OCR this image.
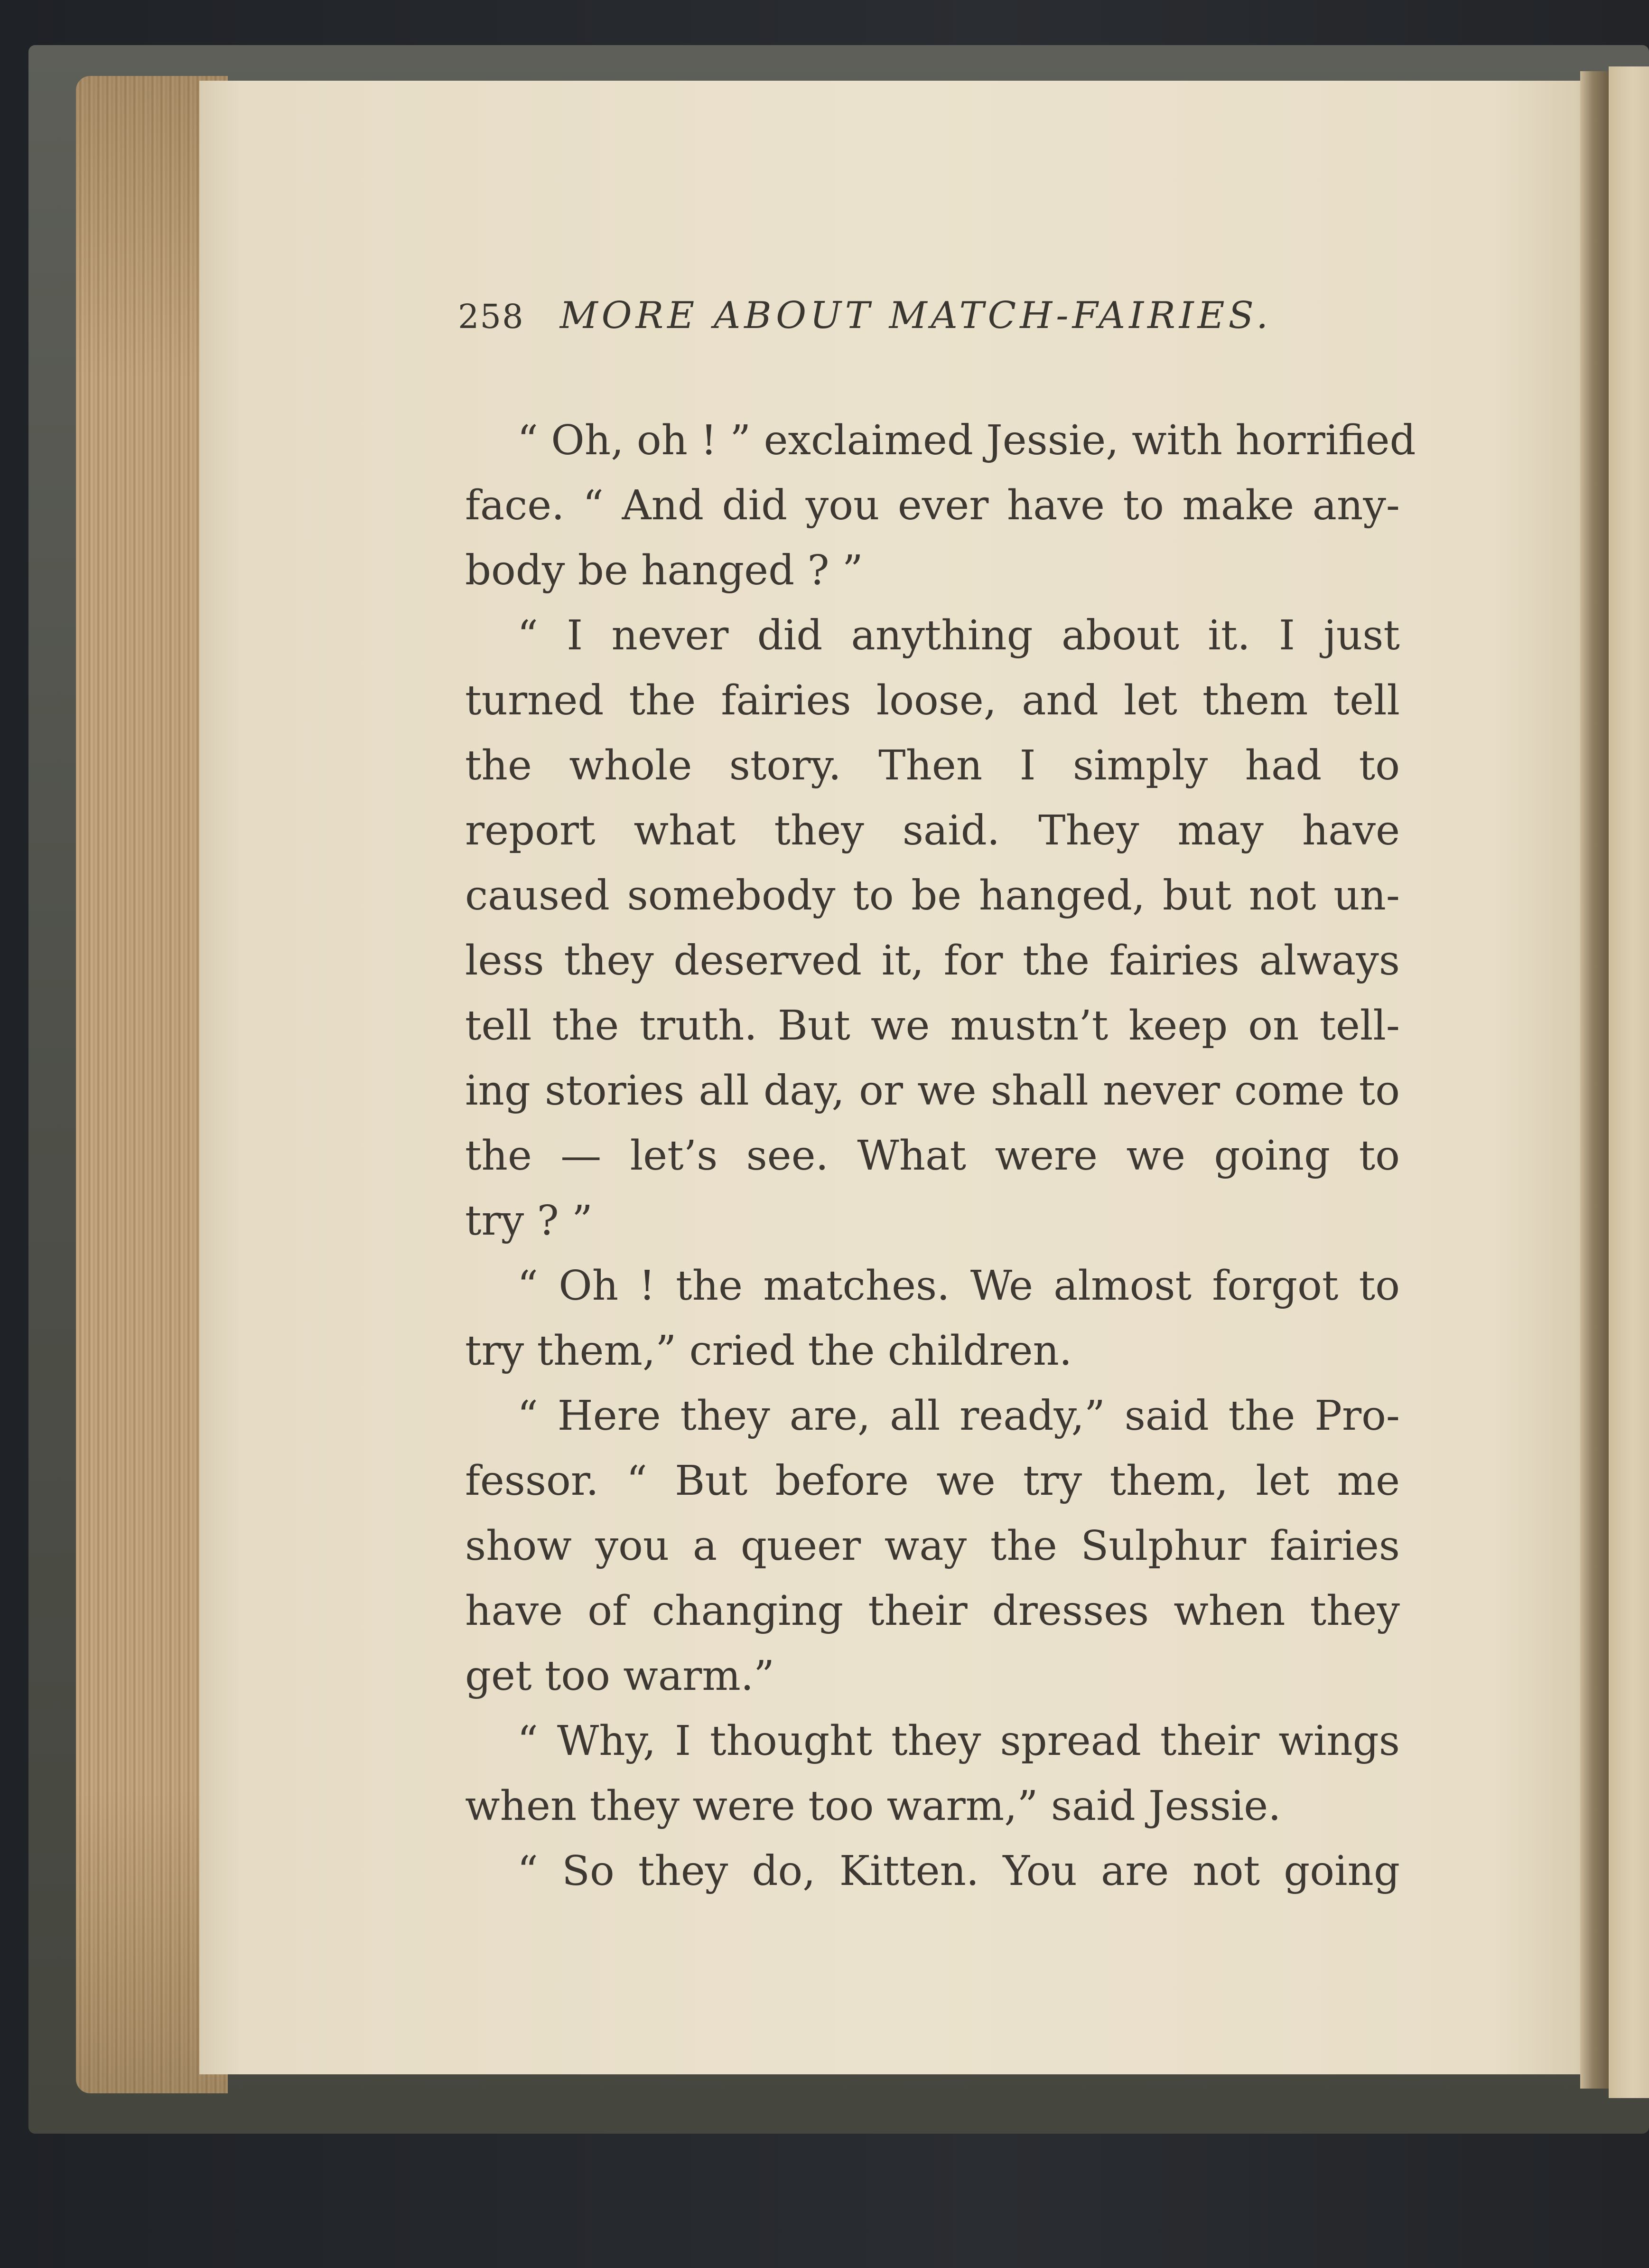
258 MORE ABOUT MATCH-FAIRIES.
“ Oh, oh ! ” exclaimed Jessie, with horrified
face. “ And did you ever have to make any-
body be hanged ? ”
“ I never did anything about it. I just
turned the fairies loose, and let them tell
the whole story. Then I simply had to
report what they said. They may have
caused somebody to be hanged, but not un-
less they deserved it, for the fairies always
tell the truth. But we mustn’t keep on tell-
ing stories all day, or we shall never come to
the — let’s see. What were we going to
try ? ”
“ Oh ! the matches. We almost forgot to
try them,” cried the children.
“ Here they are, all ready,” said the Pro-
fessor. “ But before we try them, let me
show you a queer way the Sulphur fairies
have of changing their dresses when they
get too warm.”
“ Why, I thought they spread their wings
when they were too warm,” said Jessie.
“ So they do, Kitten. You are not going
